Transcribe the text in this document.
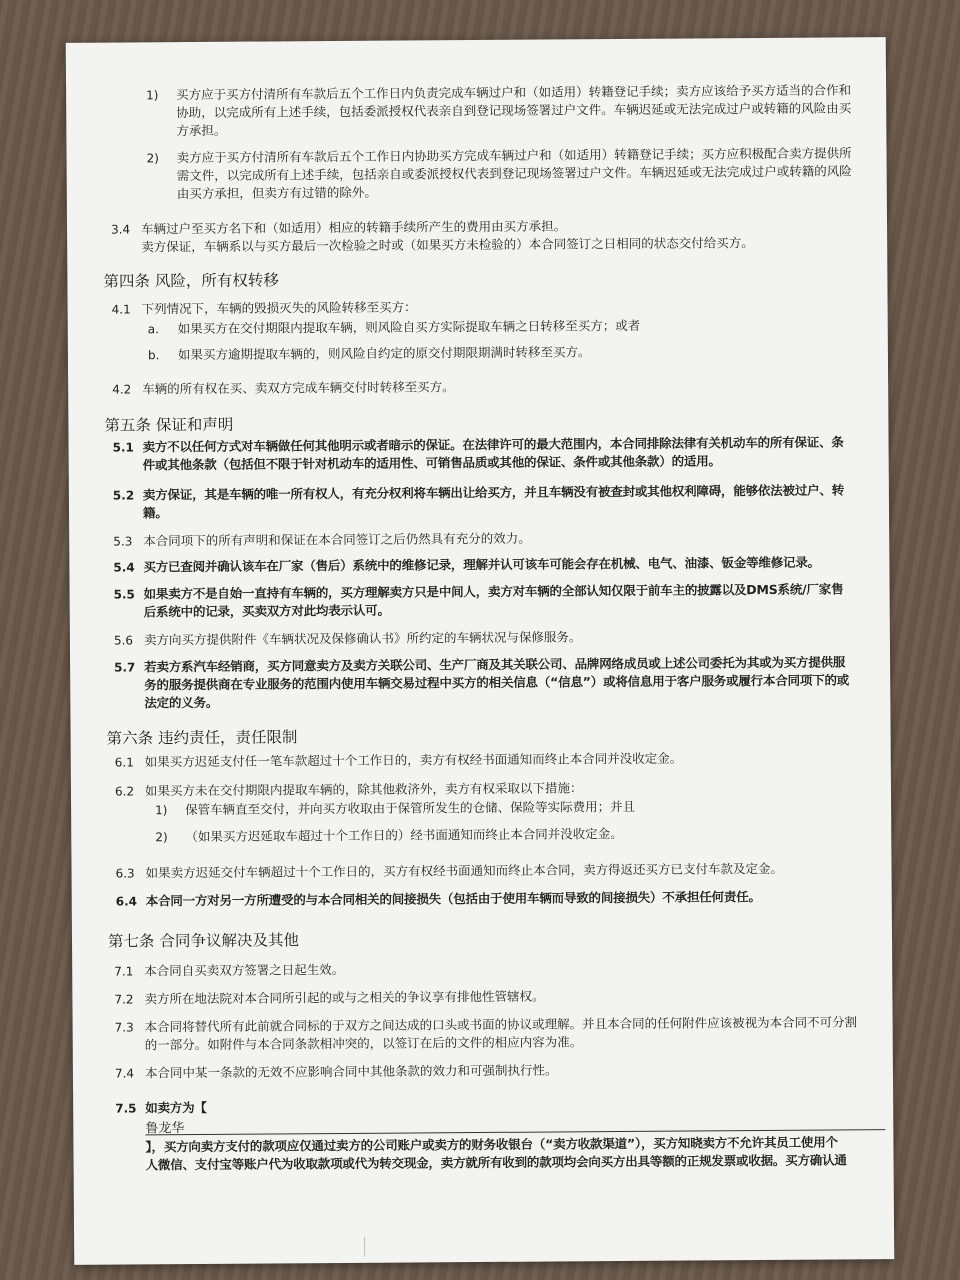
1) 买方应于买方付清所有车款后五个工作日内负责完成车辆过户和（如适用）转籍登记手续；卖方应该给予买方适当的合作和
协助，以完成所有上述手续，包括委派授权代表亲自到登记现场签署过户文件。车辆迟延或无法完成过户或转籍的风险由买
方承担。
2) 卖方应于买方付清所有车款后五个工作日内协助买方完成车辆过户和（如适用）转籍登记手续；买方应积极配合卖方提供所
需文件，以完成所有上述手续，包括亲自或委派授权代表到登记现场签署过户文件。车辆迟延或无法完成过户或转籍的风险
由买方承担，但卖方有过错的除外。
3.4 车辆过户至买方名下和（如适用）相应的转籍手续所产生的费用由买方承担。
卖方保证，车辆系以与买方最后一次检验之时或（如果买方未检验的）本合同签订之日相同的状态交付给买方。
4.1 下列情况下，车辆的毁损灭失的风险转移至买方：
a. 如果买方在交付期限内提取车辆，则风险自买方实际提取车辆之日转移至买方；或者
b. 如果买方逾期提取车辆的，则风险自约定的原交付期限期满时转移至买方。
4.2 车辆的所有权在买、卖双方完成车辆交付时转移至买方。
5.1 卖方不以任何方式对车辆做任何其他明示或者暗示的保证。在法律许可的最大范围内，本合同排除法律有关机动车的所有保证、条
件或其他条款（包括但不限于针对机动车的适用性、可销售品质或其他的保证、条件或其他条款）的适用。
5.2 卖方保证，其是车辆的唯一所有权人，有充分权利将车辆出让给买方，并且车辆没有被查封或其他权利障碍，能够依法被过户、转
籍。
5.3 本合同项下的所有声明和保证在本合同签订之后仍然具有充分的效力。
5.4 买方已查阅并确认该车在厂家（售后）系统中的维修记录，理解并认可该车可能会存在机械、电气、油漆、钣金等维修记录。
5.5 如果卖方不是自始一直持有车辆的，买方理解卖方只是中间人，卖方对车辆的全部认知仅限于前车主的披露以及DMS系统/厂家售
后系统中的记录，买卖双方对此均表示认可。
5.6 卖方向买方提供附件《车辆状况及保修确认书》所约定的车辆状况与保修服务。
5.7 若卖方系汽车经销商，买方同意卖方及卖方关联公司、生产厂商及其关联公司、品牌网络成员或上述公司委托为其或为买方提供服
务的服务提供商在专业服务的范围内使用车辆交易过程中买方的相关信息（“信息”）或将信息用于客户服务或履行本合同项下的或
法定的义务。
6.1 如果买方迟延支付任一笔车款超过十个工作日的，卖方有权经书面通知而终止本合同并没收定金。
6.2 如果买方未在交付期限内提取车辆的，除其他救济外，卖方有权采取以下措施：
1) 保管车辆直至交付，并向买方收取由于保管所发生的仓储、保险等实际费用；并且
2) （如果买方迟延取车超过十个工作日的）经书面通知而终止本合同并没收定金。
6.3 如果卖方迟延交付车辆超过十个工作日的，买方有权经书面通知而终止本合同，卖方得返还买方已支付车款及定金。
6.4 本合同一方对另一方所遭受的与本合同相关的间接损失（包括由于使用车辆而导致的间接损失）不承担任何责任。
7.1 本合同自买卖双方签署之日起生效。
7.2 卖方所在地法院对本合同所引起的或与之相关的争议享有排他性管辖权。
7.3 本合同将替代所有此前就合同标的于双方之间达成的口头或书面的协议或理解。并且本合同的任何附件应该被视为本合同不可分割
的一部分。如附件与本合同条款相冲突的，以签订在后的文件的相应内容为准。
7.4 本合同中某一条款的无效不应影响合同中其他条款的效力和可强制执行性。
7.5 如卖方为【
】，买方向卖方支付的款项应仅通过卖方的公司账户或卖方的财务收银台（“卖方收款渠道”），买方知晓卖方不允许其员工使用个
人微信、支付宝等账户代为收取款项或代为转交现金，卖方就所有收到的款项均会向买方出具等额的正规发票或收据。买方确认通
第四条 风险，所有权转移
第五条 保证和声明
第六条 违约责任，责任限制
第七条 合同争议解决及其他
鲁龙华
